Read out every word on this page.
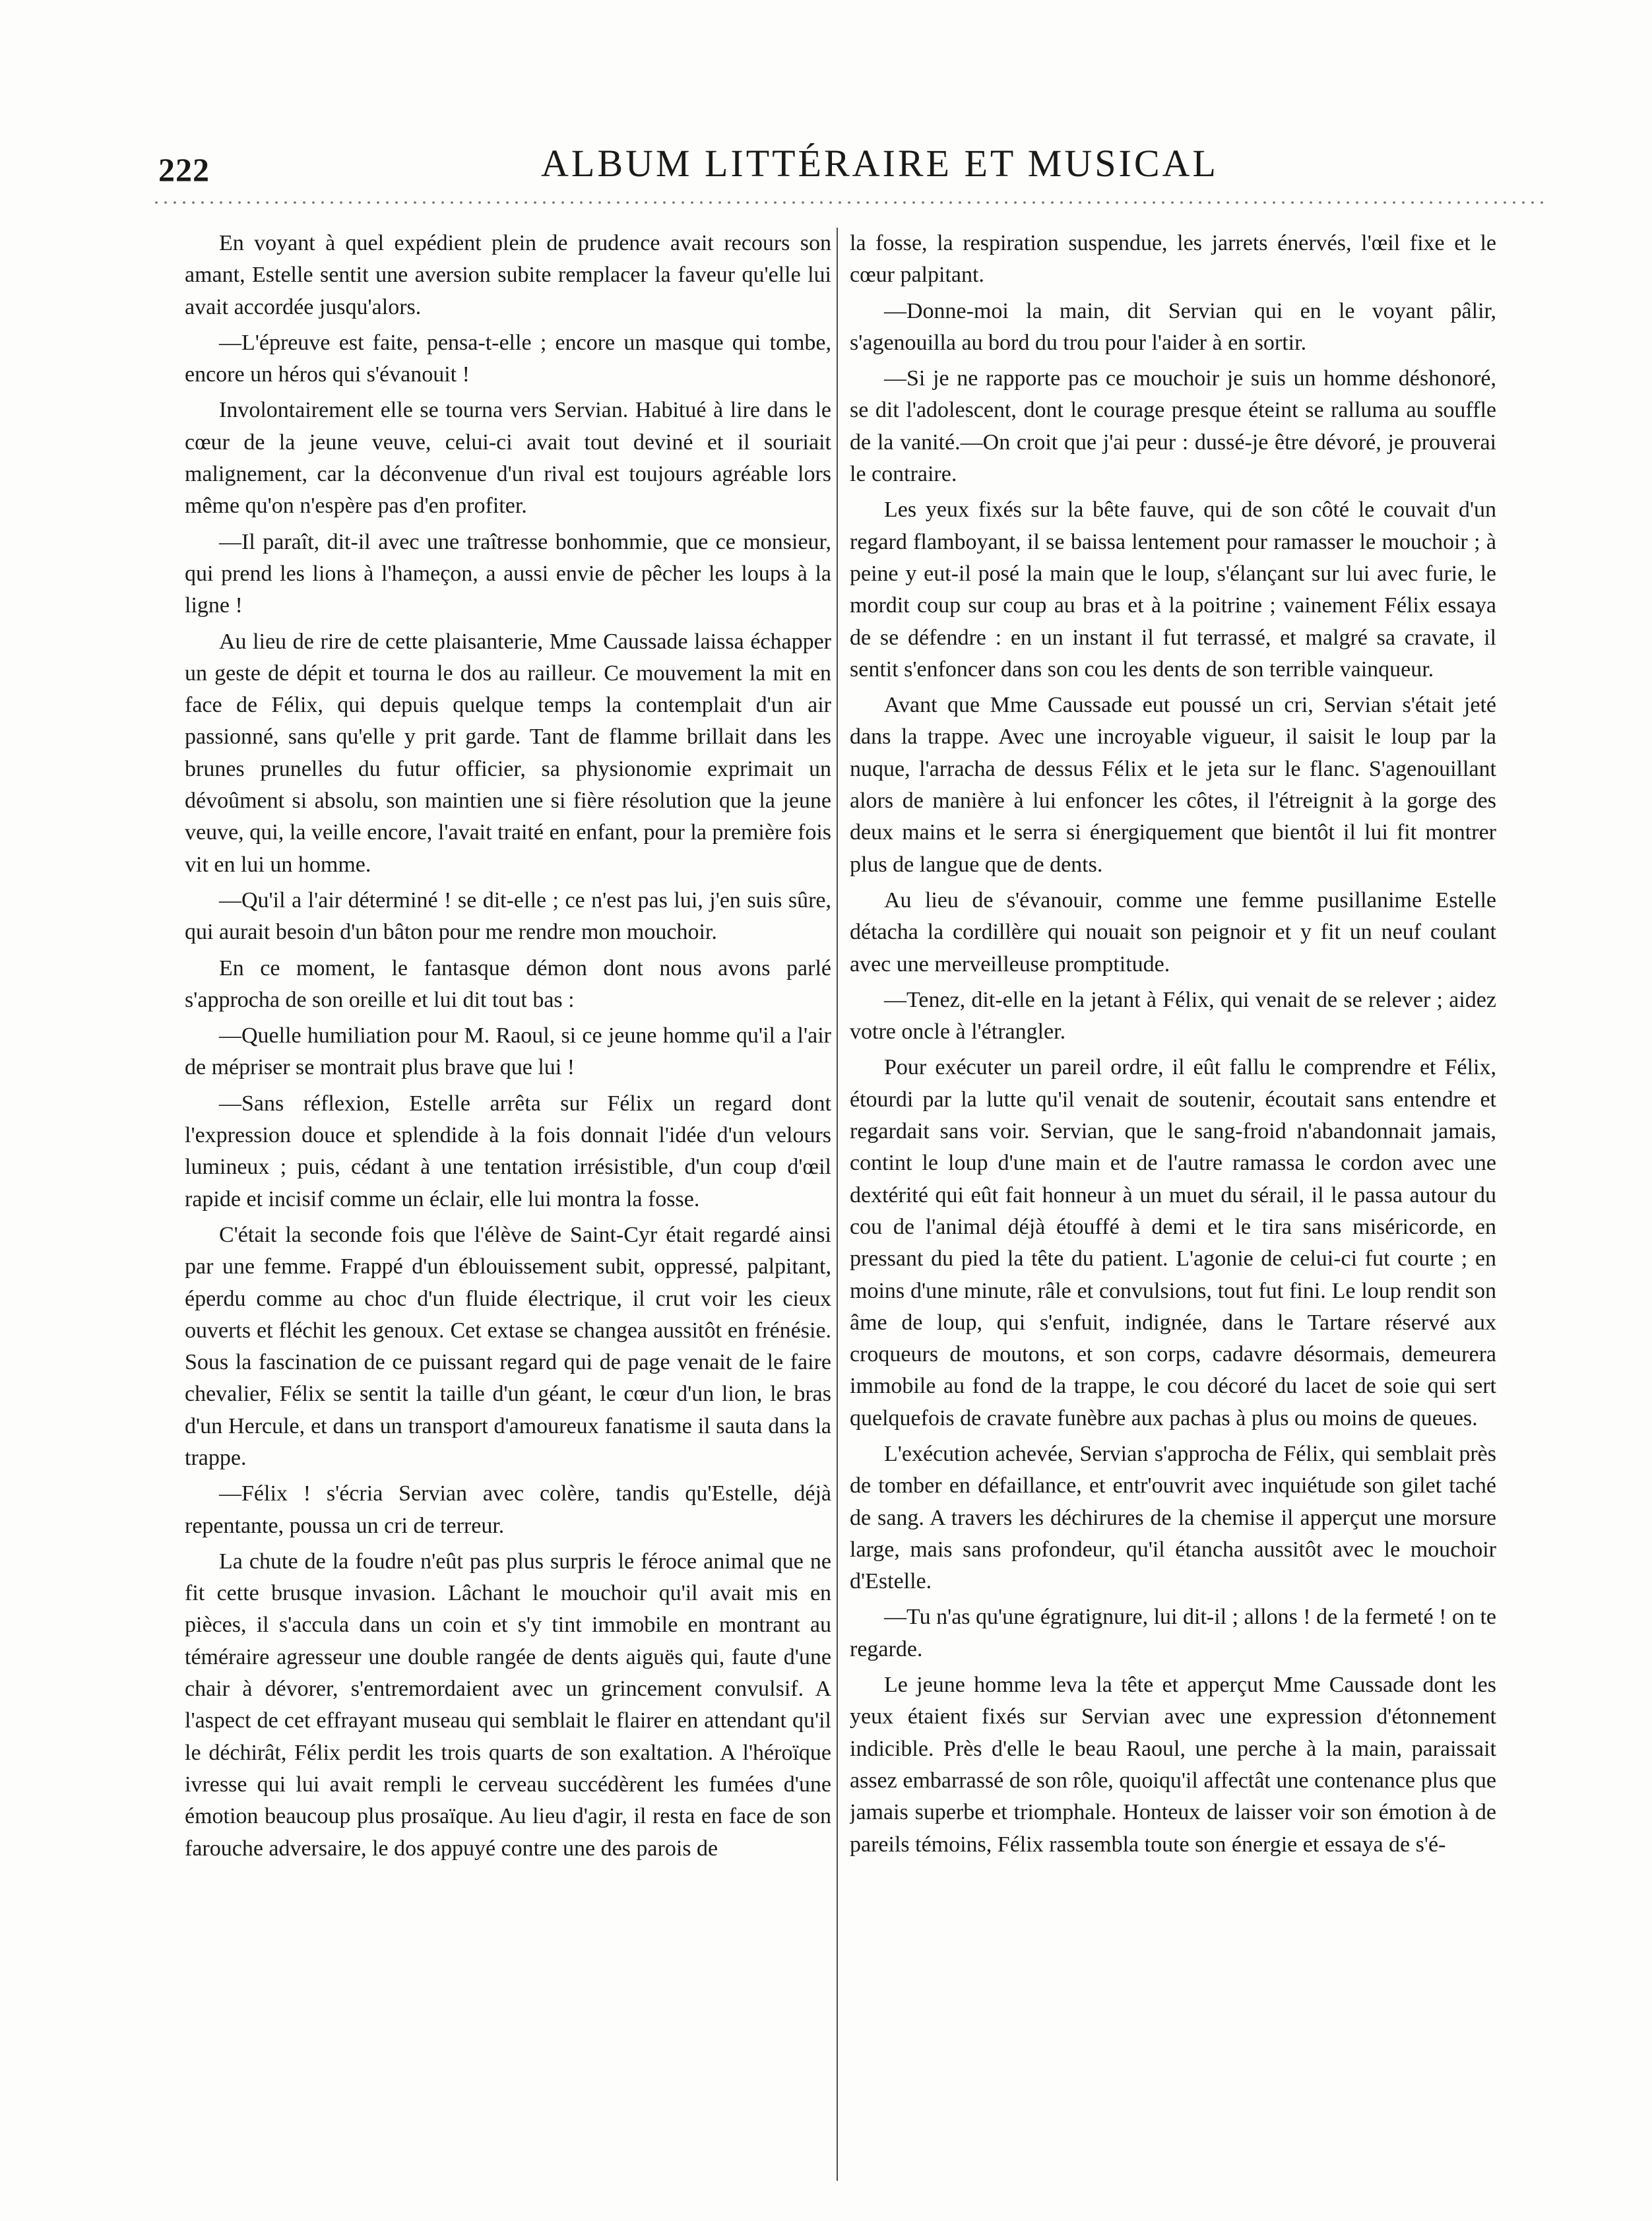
222	ALBUM LITTÉRAIRE ET MUSICAL

En voyant à quel expédient plein de prudence avait recours son amant, Estelle sentit une aversion subite remplacer la faveur qu'elle lui avait accordée jusqu'alors.

—L'épreuve est faite, pensa-t-elle ; encore un masque qui tombe, encore un héros qui s'évanouit !

Involontairement elle se tourna vers Servian. Habitué à lire dans le cœur de la jeune veuve, celui-ci avait tout deviné et il souriait malignement, car la déconvenue d'un rival est toujours agréable lors même qu'on n'espère pas d'en profiter.

—Il paraît, dit-il avec une traîtresse bonhommie, que ce monsieur, qui prend les lions à l'hameçon, a aussi envie de pêcher les loups à la ligne !

Au lieu de rire de cette plaisanterie, Mme Caussade laissa échapper un geste de dépit et tourna le dos au railleur. Ce mouvement la mit en face de Félix, qui depuis quelque temps la contemplait d'un air passionné, sans qu'elle y prit garde. Tant de flamme brillait dans les brunes prunelles du futur officier, sa physionomie exprimait un dévoûment si absolu, son maintien une si fière résolution que la jeune veuve, qui, la veille encore, l'avait traité en enfant, pour la première fois vit en lui un homme.

—Qu'il a l'air déterminé ! se dit-elle ; ce n'est pas lui, j'en suis sûre, qui aurait besoin d'un bâton pour me rendre mon mouchoir.

En ce moment, le fantasque démon dont nous avons parlé s'approcha de son oreille et lui dit tout bas :

—Quelle humiliation pour M. Raoul, si ce jeune homme qu'il a l'air de mépriser se montrait plus brave que lui !

—Sans réflexion, Estelle arrêta sur Félix un regard dont l'expression douce et splendide à la fois donnait l'idée d'un velours lumineux ; puis, cédant à une tentation irrésistible, d'un coup d'œil rapide et incisif comme un éclair, elle lui montra la fosse.

C'était la seconde fois que l'élève de Saint-Cyr était regardé ainsi par une femme. Frappé d'un éblouissement subit, oppressé, palpitant, éperdu comme au choc d'un fluide électrique, il crut voir les cieux ouverts et fléchit les genoux. Cet extase se changea aussitôt en frénésie. Sous la fascination de ce puissant regard qui de page venait de le faire chevalier, Félix se sentit la taille d'un géant, le cœur d'un lion, le bras d'un Hercule, et dans un transport d'amoureux fanatisme il sauta dans la trappe.

—Félix ! s'écria Servian avec colère, tandis qu'Estelle, déjà repentante, poussa un cri de terreur.

La chute de la foudre n'eût pas plus surpris le féroce animal que ne fit cette brusque invasion. Lâchant le mouchoir qu'il avait mis en pièces, il s'accula dans un coin et s'y tint immobile en montrant au téméraire agresseur une double rangée de dents aiguës qui, faute d'une chair à dévorer, s'entremordaient avec un grincement convulsif. A l'aspect de cet effrayant museau qui semblait le flairer en attendant qu'il le déchirât, Félix perdit les trois quarts de son exaltation. A l'héroïque ivresse qui lui avait rempli le cerveau succédèrent les fumées d'une émotion beaucoup plus prosaïque. Au lieu d'agir, il resta en face de son farouche adversaire, le dos appuyé contre une des parois de

la fosse, la respiration suspendue, les jarrets énervés, l'œil fixe et le cœur palpitant.

—Donne-moi la main, dit Servian qui en le voyant pâlir, s'agenouilla au bord du trou pour l'aider à en sortir.

—Si je ne rapporte pas ce mouchoir je suis un homme déshonoré, se dit l'adolescent, dont le courage presque éteint se ralluma au souffle de la vanité.—On croit que j'ai peur : dussé-je être dévoré, je prouverai le contraire.

Les yeux fixés sur la bête fauve, qui de son côté le couvait d'un regard flamboyant, il se baissa lentement pour ramasser le mouchoir ; à peine y eut-il posé la main que le loup, s'élançant sur lui avec furie, le mordit coup sur coup au bras et à la poitrine ; vainement Félix essaya de se défendre : en un instant il fut terrassé, et malgré sa cravate, il sentit s'enfoncer dans son cou les dents de son terrible vainqueur.

Avant que Mme Caussade eut poussé un cri, Servian s'était jeté dans la trappe. Avec une incroyable vigueur, il saisit le loup par la nuque, l'arracha de dessus Félix et le jeta sur le flanc. S'agenouillant alors de manière à lui enfoncer les côtes, il l'étreignit à la gorge des deux mains et le serra si énergiquement que bientôt il lui fit montrer plus de langue que de dents.

Au lieu de s'évanouir, comme une femme pusillanime Estelle détacha la cordillère qui nouait son peignoir et y fit un neuf coulant avec une merveilleuse promptitude.

—Tenez, dit-elle en la jetant à Félix, qui venait de se relever ; aidez votre oncle à l'étrangler.

Pour exécuter un pareil ordre, il eût fallu le comprendre et Félix, étourdi par la lutte qu'il venait de soutenir, écoutait sans entendre et regardait sans voir. Servian, que le sang-froid n'abandonnait jamais, contint le loup d'une main et de l'autre ramassa le cordon avec une dextérité qui eût fait honneur à un muet du sérail, il le passa autour du cou de l'animal déjà étouffé à demi et le tira sans miséricorde, en pressant du pied la tête du patient. L'agonie de celui-ci fut courte ; en moins d'une minute, râle et convulsions, tout fut fini. Le loup rendit son âme de loup, qui s'enfuit, indignée, dans le Tartare réservé aux croqueurs de moutons, et son corps, cadavre désormais, demeurera immobile au fond de la trappe, le cou décoré du lacet de soie qui sert quelquefois de cravate funèbre aux pachas à plus ou moins de queues.

L'exécution achevée, Servian s'approcha de Félix, qui semblait près de tomber en défaillance, et entr'ouvrit avec inquiétude son gilet taché de sang. A travers les déchirures de la chemise il apperçut une morsure large, mais sans profondeur, qu'il étancha aussitôt avec le mouchoir d'Estelle.

—Tu n'as qu'une égratignure, lui dit-il ; allons ! de la fermeté ! on te regarde.

Le jeune homme leva la tête et apperçut Mme Caussade dont les yeux étaient fixés sur Servian avec une expression d'étonnement indicible. Près d'elle le beau Raoul, une perche à la main, paraissait assez embarrassé de son rôle, quoiqu'il affectât une contenance plus que jamais superbe et triomphale. Honteux de laisser voir son émotion à de pareils témoins, Félix rassembla toute son énergie et essaya de s'é-
